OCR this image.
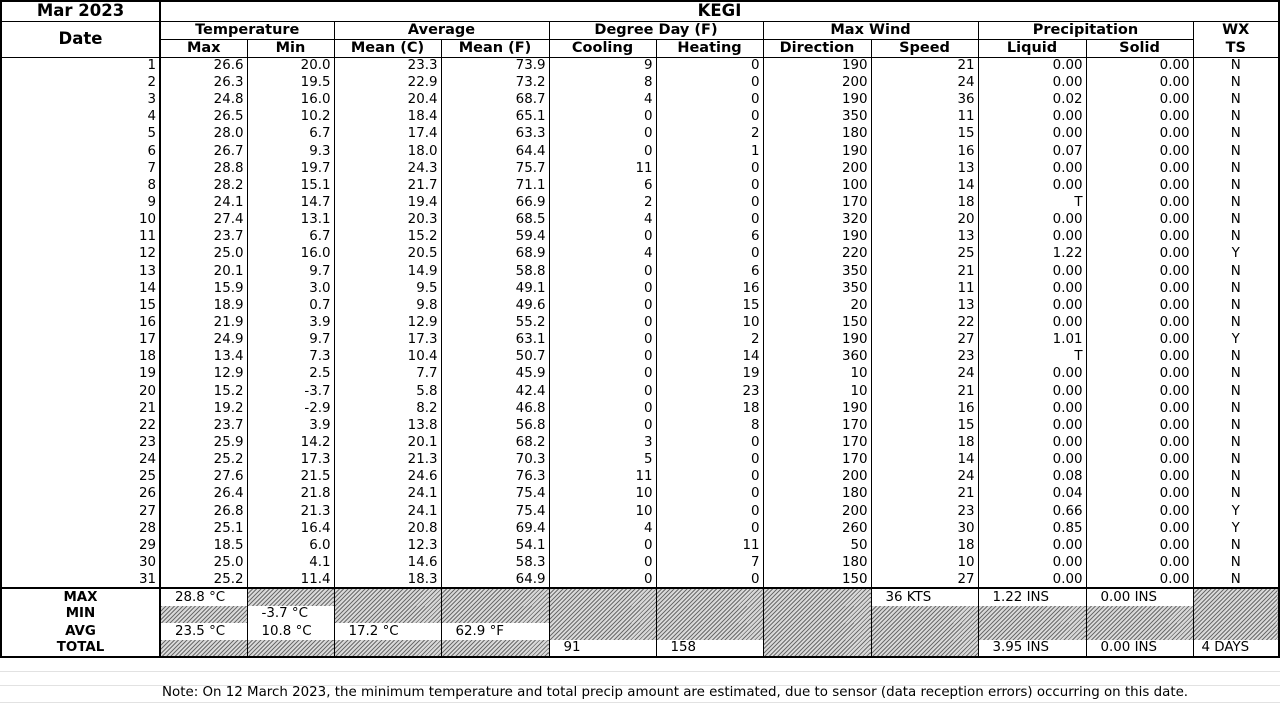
Mar 2023	KEGI										
Date	Temperature		Average		Degree Day (F)		Max Wind		Precipitation		WX
	Max	Min	Mean (C)	Mean (F)	Cooling	Heating	Direction	Speed	Liquid	Solid	TS
1	26.6	20.0	23.3	73.9	9	0	190	21	0.00	0.00	N
2	26.3	19.5	22.9	73.2	8	0	200	24	0.00	0.00	N
3	24.8	16.0	20.4	68.7	4	0	190	36	0.02	0.00	N
4	26.5	10.2	18.4	65.1	0	0	350	11	0.00	0.00	N
5	28.0	6.7	17.4	63.3	0	2	180	15	0.00	0.00	N
6	26.7	9.3	18.0	64.4	0	1	190	16	0.07	0.00	N
7	28.8	19.7	24.3	75.7	11	0	200	13	0.00	0.00	N
8	28.2	15.1	21.7	71.1	6	0	100	14	0.00	0.00	N
9	24.1	14.7	19.4	66.9	2	0	170	18	T	0.00	N
10	27.4	13.1	20.3	68.5	4	0	320	20	0.00	0.00	N
11	23.7	6.7	15.2	59.4	0	6	190	13	0.00	0.00	N
12	25.0	16.0	20.5	68.9	4	0	220	25	1.22	0.00	Y
13	20.1	9.7	14.9	58.8	0	6	350	21	0.00	0.00	N
14	15.9	3.0	9.5	49.1	0	16	350	11	0.00	0.00	N
15	18.9	0.7	9.8	49.6	0	15	20	13	0.00	0.00	N
16	21.9	3.9	12.9	55.2	0	10	150	22	0.00	0.00	N
17	24.9	9.7	17.3	63.1	0	2	190	27	1.01	0.00	Y
18	13.4	7.3	10.4	50.7	0	14	360	23	T	0.00	N
19	12.9	2.5	7.7	45.9	0	19	10	24	0.00	0.00	N
20	15.2	-3.7	5.8	42.4	0	23	10	21	0.00	0.00	N
21	19.2	-2.9	8.2	46.8	0	18	190	16	0.00	0.00	N
22	23.7	3.9	13.8	56.8	0	8	170	15	0.00	0.00	N
23	25.9	14.2	20.1	68.2	3	0	170	18	0.00	0.00	N
24	25.2	17.3	21.3	70.3	5	0	170	14	0.00	0.00	N
25	27.6	21.5	24.6	76.3	11	0	200	24	0.08	0.00	N
26	26.4	21.8	24.1	75.4	10	0	180	21	0.04	0.00	N
27	26.8	21.3	24.1	75.4	10	0	200	23	0.66	0.00	Y
28	25.1	16.4	20.8	69.4	4	0	260	30	0.85	0.00	Y
29	18.5	6.0	12.3	54.1	0	11	50	18	0.00	0.00	N
30	25.0	4.1	14.6	58.3	0	7	180	10	0.00	0.00	N
31	25.2	11.4	18.3	64.9	0	0	150	27	0.00	0.00	N
MAX	28.8 °C							36 KTS	1.22 INS	0.00 INS	
MIN		-3.7 °C									
AVG	23.5 °C	10.8 °C	17.2 °C	62.9 °F							
TOTAL					91	158			3.95 INS	0.00 INS	4 DAYS
Note: On 12 March 2023, the minimum temperature and total precip amount are estimated, due to sensor (data reception errors) occurring on this date.
